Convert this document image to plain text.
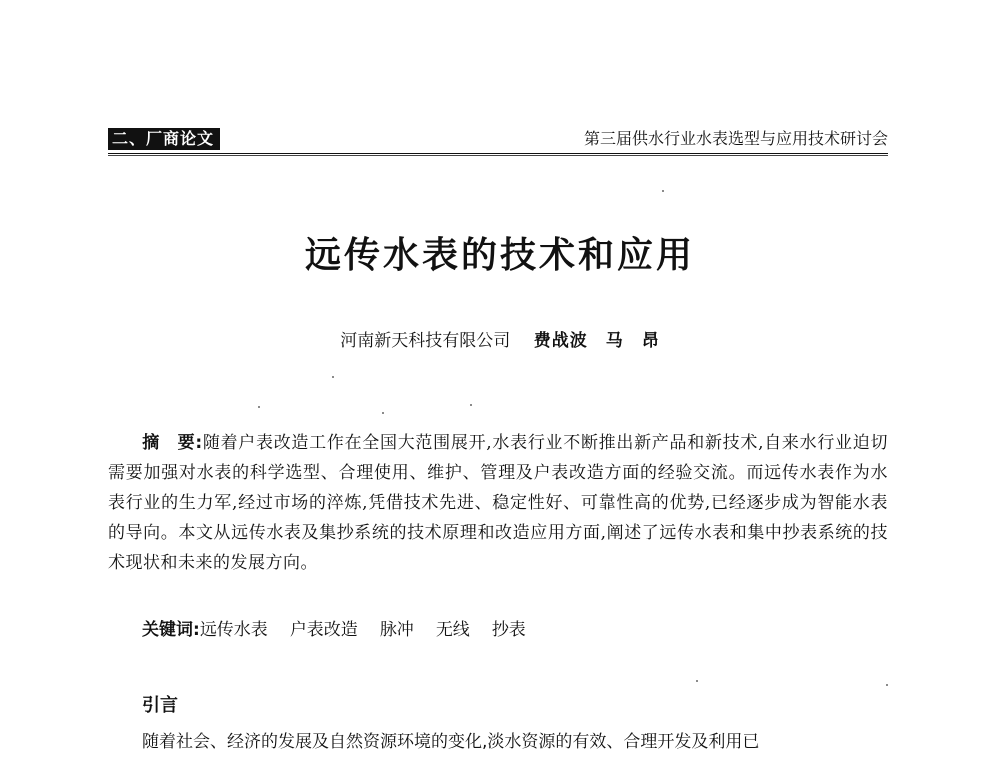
二、厂商论文	第三届供水行业水表选型与应用技术研讨会
远传水表的技术和应用
河南新天科技有限公司 费战波　马　昂

摘　要:随着户表改造工作在全国大范围展开,水表行业不断推出新产品和新技术,自来水行业迫切需要加强对水表的科学选型、合理使用、维护、管理及户表改造方面的经验交流。而远传水表作为水表行业的生力军,经过市场的淬炼,凭借技术先进、稳定性好、可靠性高的优势,已经逐步成为智能水表的导向。本文从远传水表及集抄系统的技术原理和改造应用方面,阐述了远传水表和集中抄表系统的技术现状和未来的发展方向。

关键词:远传水表 户表改造 脉冲 无线 抄表
引言
随着社会、经济的发展及自然资源环境的变化,淡水资源的有效、合理开发及利用已
